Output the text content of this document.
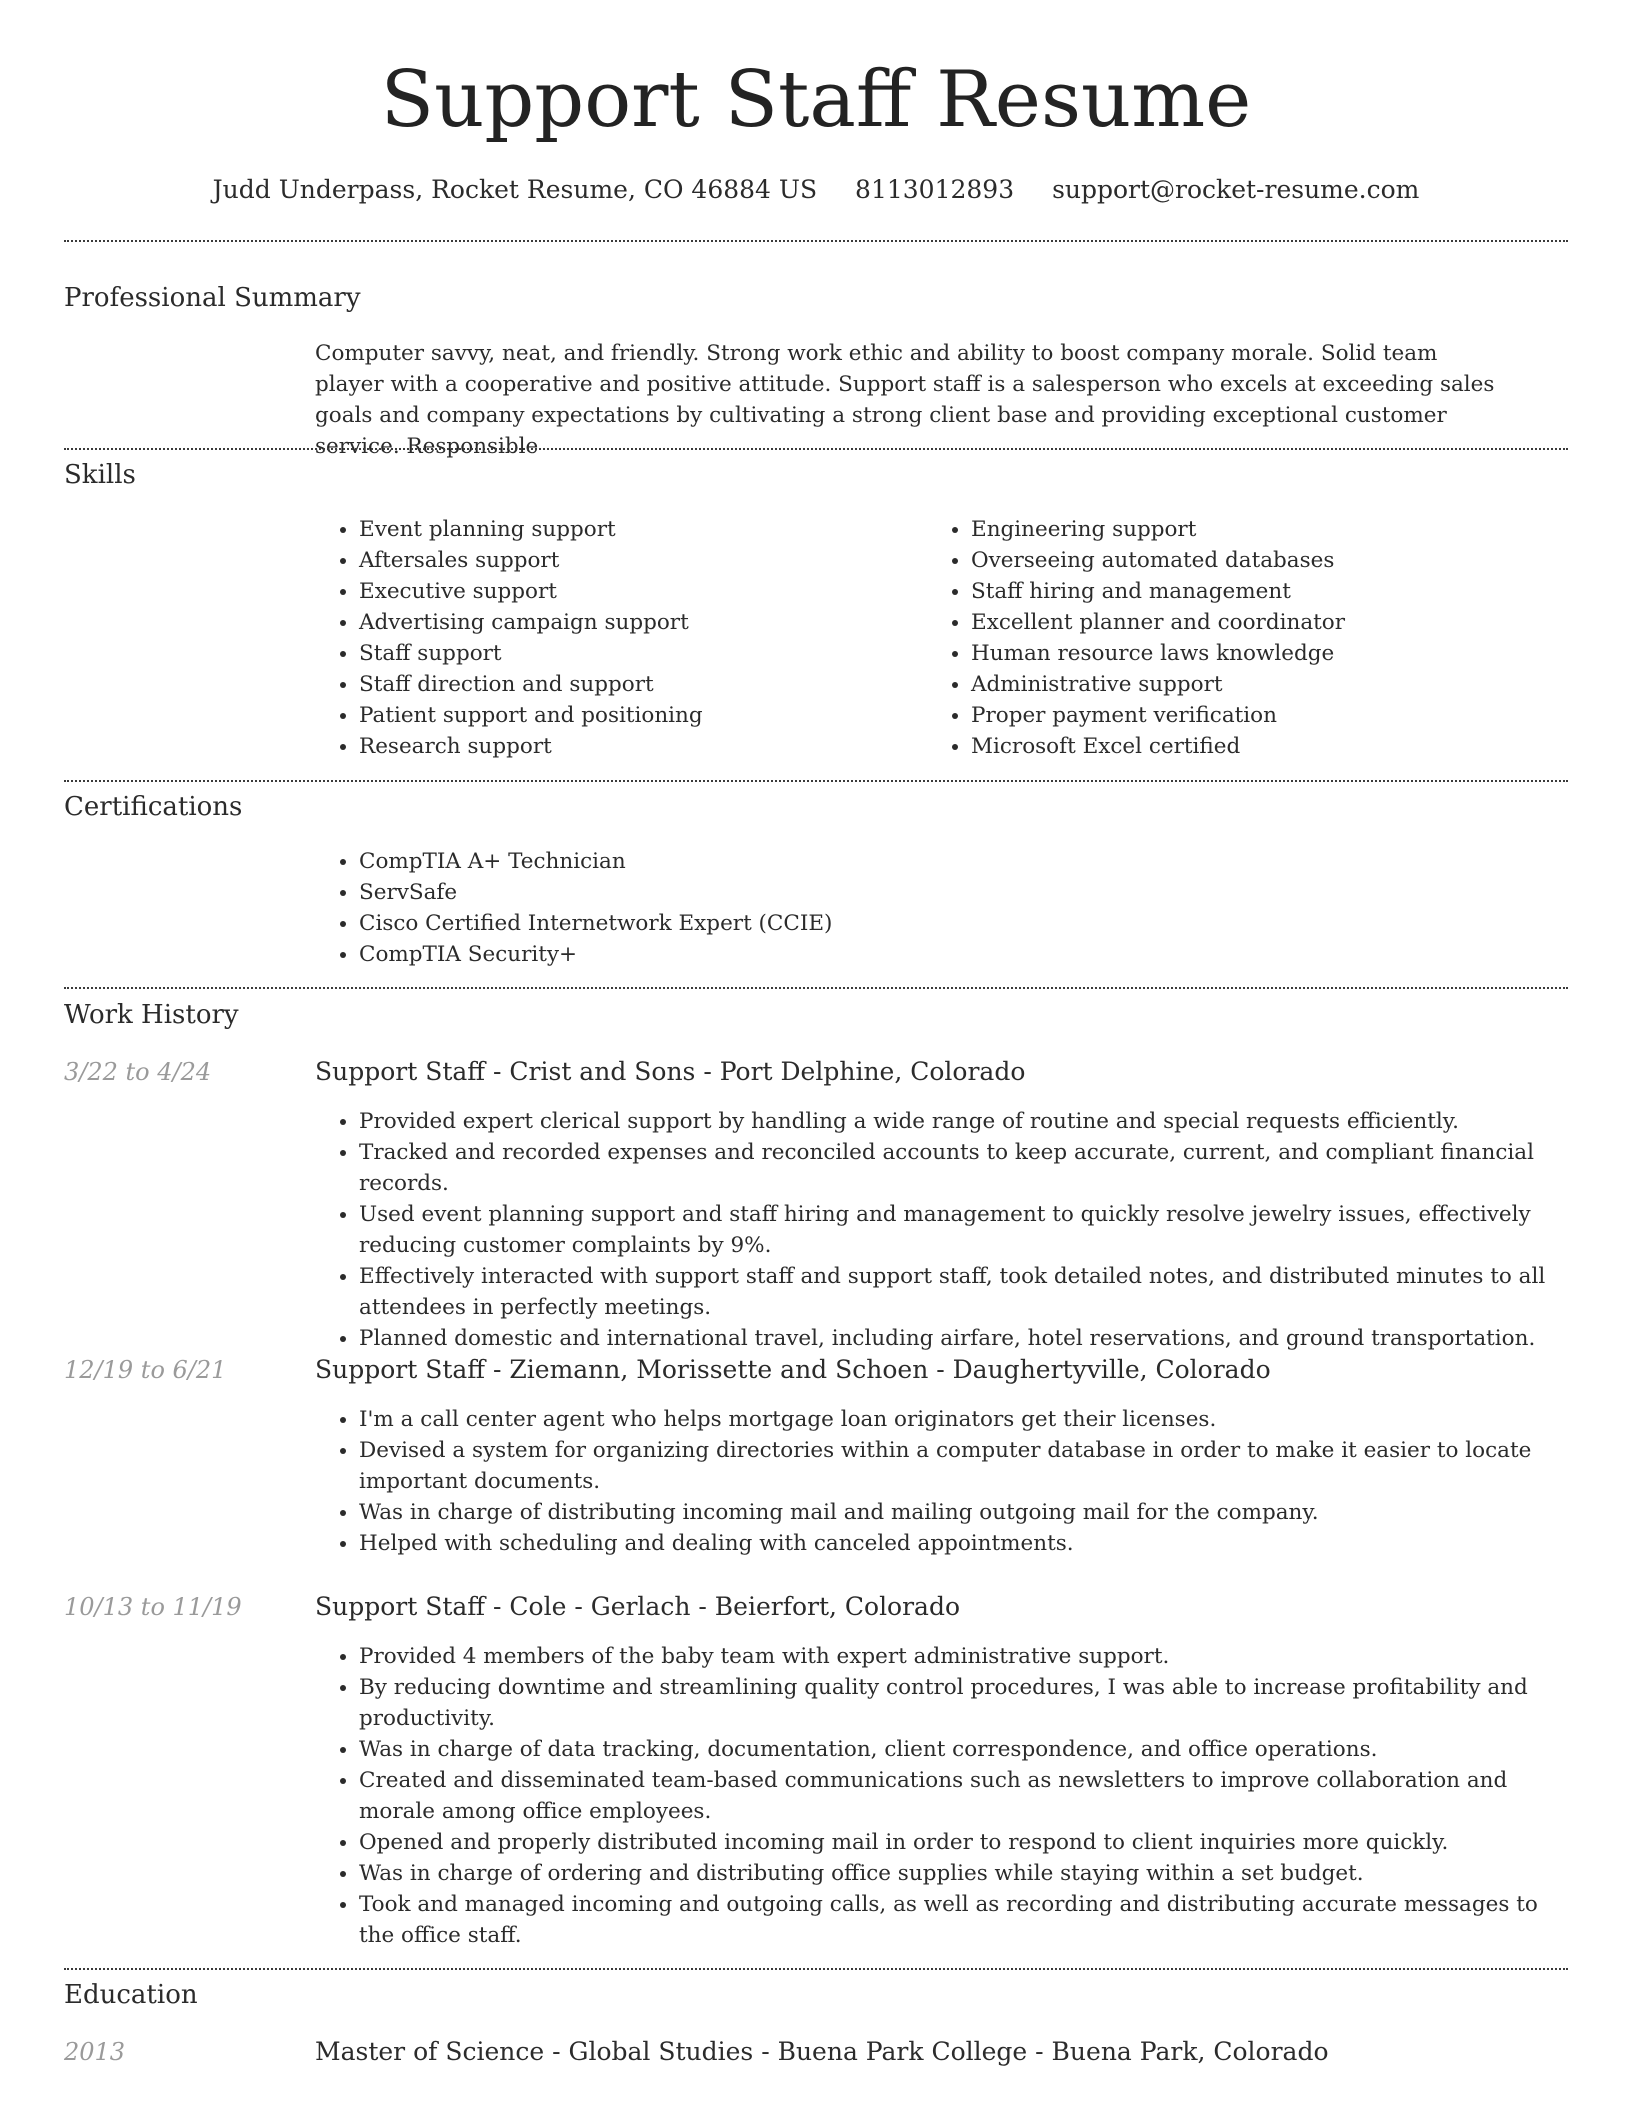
Support Staff Resume
Judd Underpass, Rocket Resume, CO 46884 US 8113012893 support@rocket-resume.com
Professional Summary

Computer savvy, neat, and friendly. Strong work ethic and ability to boost company morale. Solid team player with a cooperative and positive attitude. Support staff is a salesperson who excels at exceeding sales goals and company expectations by cultivating a strong client base and providing exceptional customer service. Responsible

Skills
• Event planning support
• Aftersales support
• Executive support
• Advertising campaign support
• Staff support
• Staff direction and support
• Patient support and positioning
• Research support
• Engineering support
• Overseeing automated databases
• Staff hiring and management
• Excellent planner and coordinator
• Human resource laws knowledge
• Administrative support
• Proper payment verification
• Microsoft Excel certified
Certifications
• CompTIA A+ Technician
• ServSafe
• Cisco Certified Internetwork Expert (CCIE)
• CompTIA Security+
Work History
3/22 to 4/24	Support Staff - Crist and Sons - Port Delphine, Colorado
• Provided expert clerical support by handling a wide range of routine and special requests efficiently.
• Tracked and recorded expenses and reconciled accounts to keep accurate, current, and compliant financial records.
• Used event planning support and staff hiring and management to quickly resolve jewelry issues, effectively reducing customer complaints by 9%.
• Effectively interacted with support staff and support staff, took detailed notes, and distributed minutes to all attendees in perfectly meetings.
• Planned domestic and international travel, including airfare, hotel reservations, and ground transportation.
12/19 to 6/21	Support Staff - Ziemann, Morissette and Schoen - Daughertyville, Colorado
• I'm a call center agent who helps mortgage loan originators get their licenses.
• Devised a system for organizing directories within a computer database in order to make it easier to locate important documents.
• Was in charge of distributing incoming mail and mailing outgoing mail for the company.
• Helped with scheduling and dealing with canceled appointments.
10/13 to 11/19	Support Staff - Cole - Gerlach - Beierfort, Colorado
• Provided 4 members of the baby team with expert administrative support.
• By reducing downtime and streamlining quality control procedures, I was able to increase profitability and productivity.
• Was in charge of data tracking, documentation, client correspondence, and office operations.
• Created and disseminated team-based communications such as newsletters to improve collaboration and morale among office employees.
• Opened and properly distributed incoming mail in order to respond to client inquiries more quickly.
• Was in charge of ordering and distributing office supplies while staying within a set budget.
• Took and managed incoming and outgoing calls, as well as recording and distributing accurate messages to the office staff.
Education
2013	Master of Science - Global Studies - Buena Park College - Buena Park, Colorado
